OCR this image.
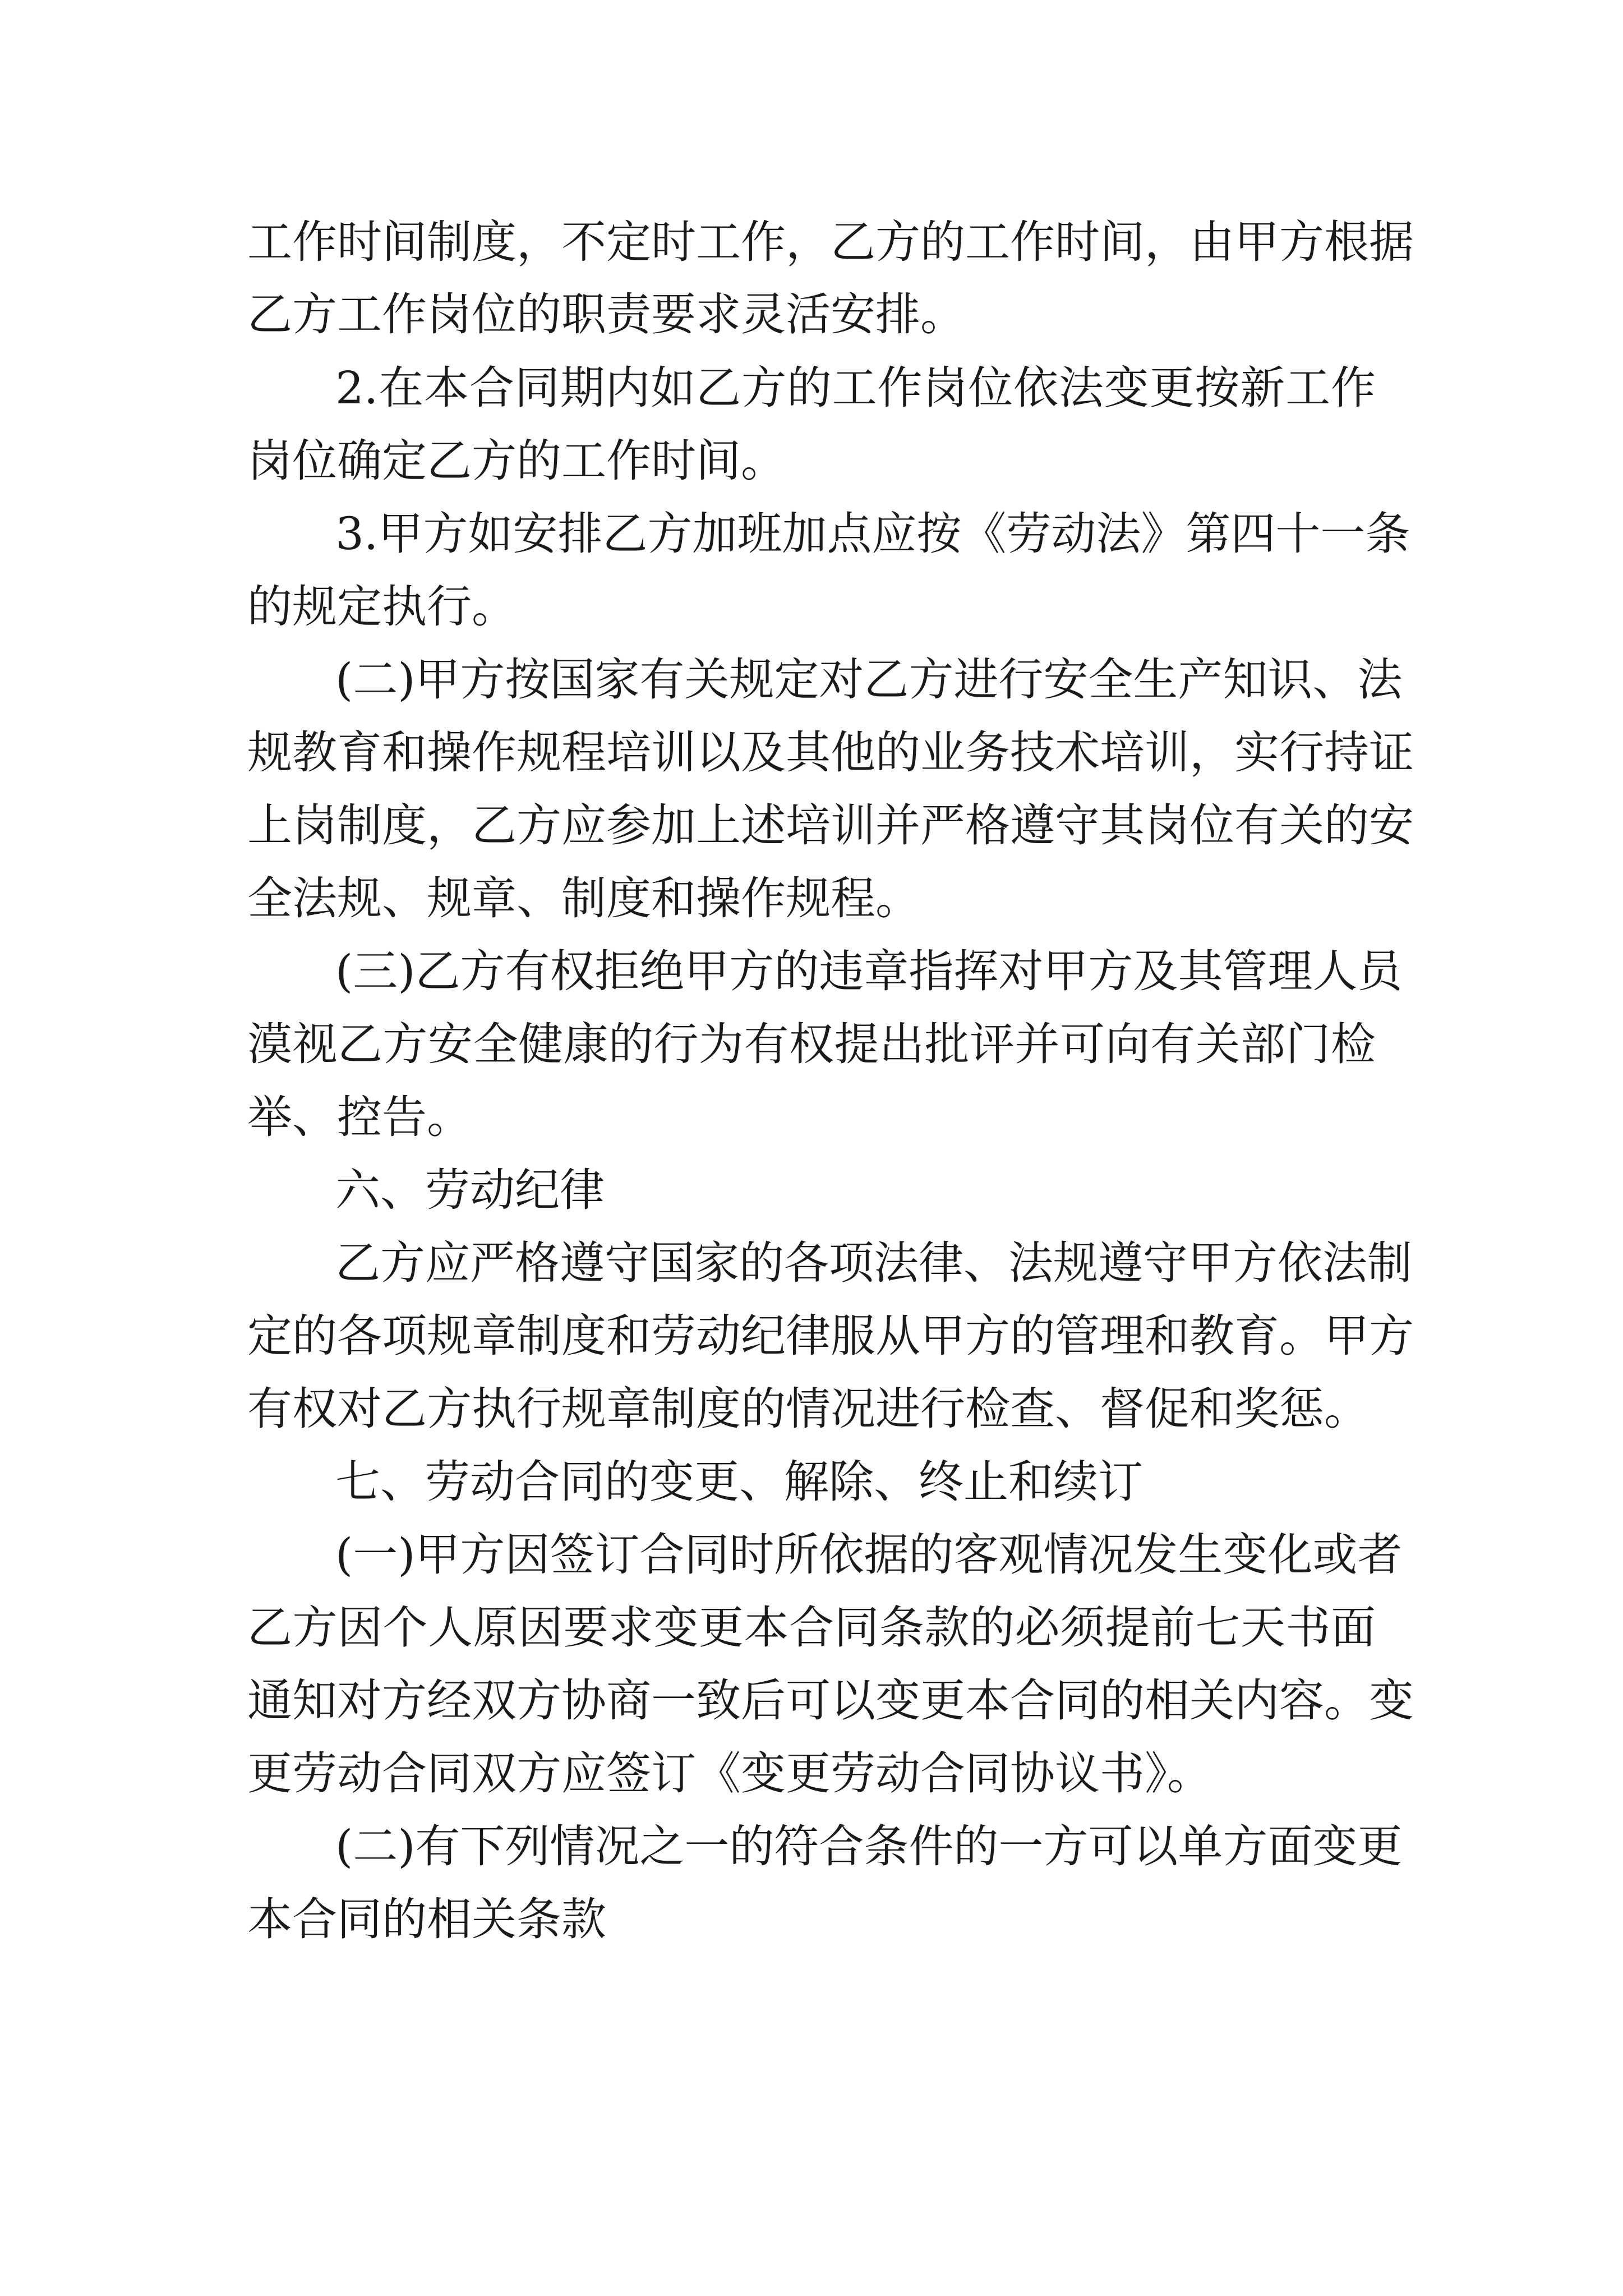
工作时间制度，不定时工作，乙方的工作时间，由甲方根据
乙方工作岗位的职责要求灵活安排。
2.在本合同期内如乙方的工作岗位依法变更按新工作
岗位确定乙方的工作时间。
3.甲方如安排乙方加班加点应按《劳动法》第四十一条
的规定执行。
(二)甲方按国家有关规定对乙方进行安全生产知识、法
规教育和操作规程培训以及其他的业务技术培训，实行持证
上岗制度，乙方应参加上述培训并严格遵守其岗位有关的安
全法规、规章、制度和操作规程。
(三)乙方有权拒绝甲方的违章指挥对甲方及其管理人员
漠视乙方安全健康的行为有权提出批评并可向有关部门检
举、控告。
六、劳动纪律
乙方应严格遵守国家的各项法律、法规遵守甲方依法制
定的各项规章制度和劳动纪律服从甲方的管理和教育。甲方
有权对乙方执行规章制度的情况进行检查、督促和奖惩。
七、劳动合同的变更、解除、终止和续订
(一)甲方因签订合同时所依据的客观情况发生变化或者
乙方因个人原因要求变更本合同条款的必须提前七天书面
通知对方经双方协商一致后可以变更本合同的相关内容。变
更劳动合同双方应签订《变更劳动合同协议书》。
(二)有下列情况之一的符合条件的一方可以单方面变更
本合同的相关条款
